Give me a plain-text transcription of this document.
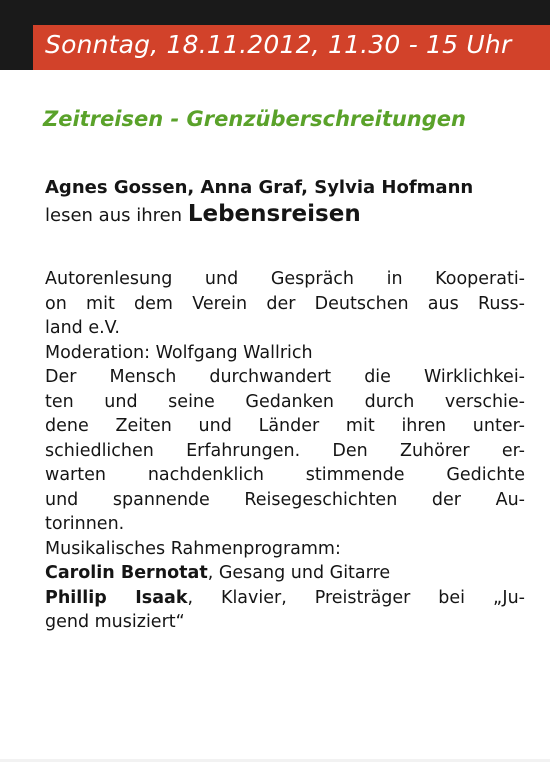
Sonntag, 18.11.2012, 11.30 - 15 Uhr
Zeitreisen - Grenzüberschreitungen
Agnes Gossen, Anna Graf, Sylvia Hofmann
lesen aus ihren Lebensreisen
Autorenlesung und Gespräch in Kooperati-
on mit dem Verein der Deutschen aus Russ-
land e.V.
Moderation: Wolfgang Wallrich
Der Mensch durchwandert die Wirklichkei-
ten und seine Gedanken durch verschie-
dene Zeiten und Länder mit ihren unter-
schiedlichen Erfahrungen. Den Zuhörer er-
warten nachdenklich stimmende Gedichte
und spannende Reisegeschichten der Au-
torinnen.
Musikalisches Rahmenprogramm:
Carolin Bernotat, Gesang und Gitarre
Phillip Isaak, Klavier, Preisträger bei „Ju-
gend musiziert“
